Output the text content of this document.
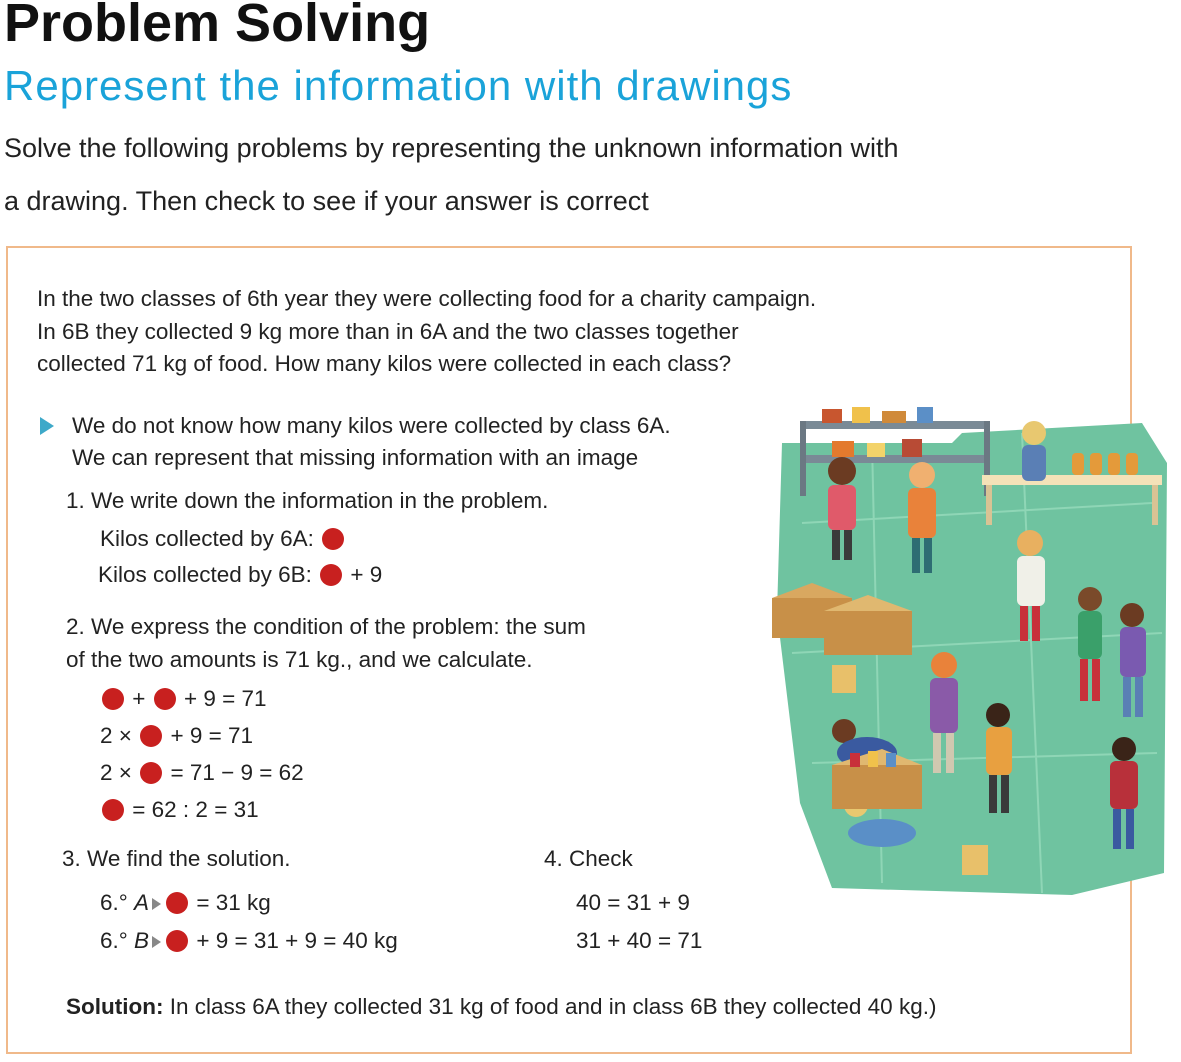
Problem Solving
Represent the information with drawings
Solve the following problems by representing the unknown information with
a drawing. Then check to see if your answer is correct
In the two classes of 6th year they were collecting food for a charity campaign.
In 6B they collected 9 kg more than in 6A and the two classes together
collected 71 kg of food. How many kilos were collected in each class?
We do not know how many kilos were collected by class 6A.
We can represent that missing information with an image
1. We write down the information in the problem.
Kilos collected by 6A:
Kilos collected by 6B: + 9
2. We express the condition of the problem: the sum
of the two amounts is 71 kg., and we calculate.
+ + 9 = 71
2 × + 9 = 71
2 × = 71 − 9 = 62
= 62 : 2 = 31
3. We find the solution.
6.° A = 31 kg
6.° B + 9 = 31 + 9 = 40 kg
4. Check
40 = 31 + 9
31 + 40 = 71
Solution: In class 6A they collected 31 kg of food and in class 6B they collected 40 kg.)
